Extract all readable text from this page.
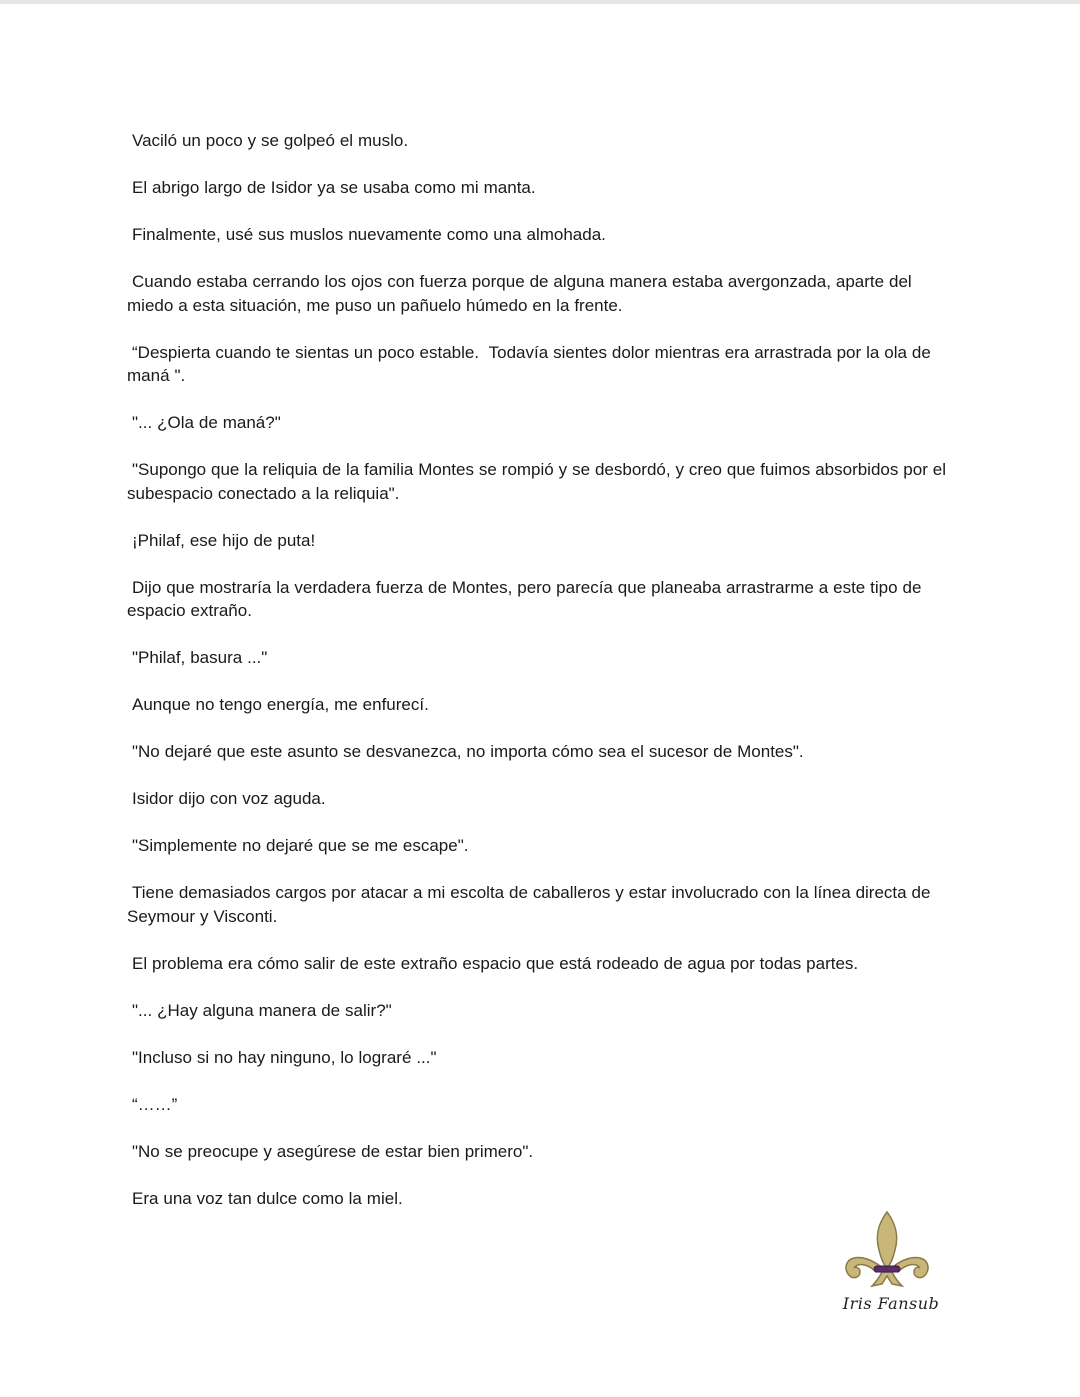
Vaciló un poco y se golpeó el muslo.

El abrigo largo de Isidor ya se usaba como mi manta.

Finalmente, usé sus muslos nuevamente como una almohada.

Cuando estaba cerrando los ojos con fuerza porque de alguna manera estaba avergonzada, aparte del miedo a esta situación, me puso un pañuelo húmedo en la frente.

“Despierta cuando te sientas un poco estable.  Todavía sientes dolor mientras era arrastrada por la ola de maná ".

"... ¿Ola de maná?"

"Supongo que la reliquia de la familia Montes se rompió y se desbordó, y creo que fuimos absorbidos por el subespacio conectado a la reliquia".

¡Philaf, ese hijo de puta!

Dijo que mostraría la verdadera fuerza de Montes, pero parecía que planeaba arrastrarme a este tipo de espacio extraño.

"Philaf, basura ..."

Aunque no tengo energía, me enfurecí.

"No dejaré que este asunto se desvanezca, no importa cómo sea el sucesor de Montes".

Isidor dijo con voz aguda.

"Simplemente no dejaré que se me escape".

Tiene demasiados cargos por atacar a mi escolta de caballeros y estar involucrado con la línea directa de Seymour y Visconti.

El problema era cómo salir de este extraño espacio que está rodeado de agua por todas partes.

"... ¿Hay alguna manera de salir?"

"Incluso si no hay ninguno, lo lograré ..."

“……”

"No se preocupe y asegúrese de estar bien primero".

Era una voz tan dulce como la miel.

Iris Fansub
